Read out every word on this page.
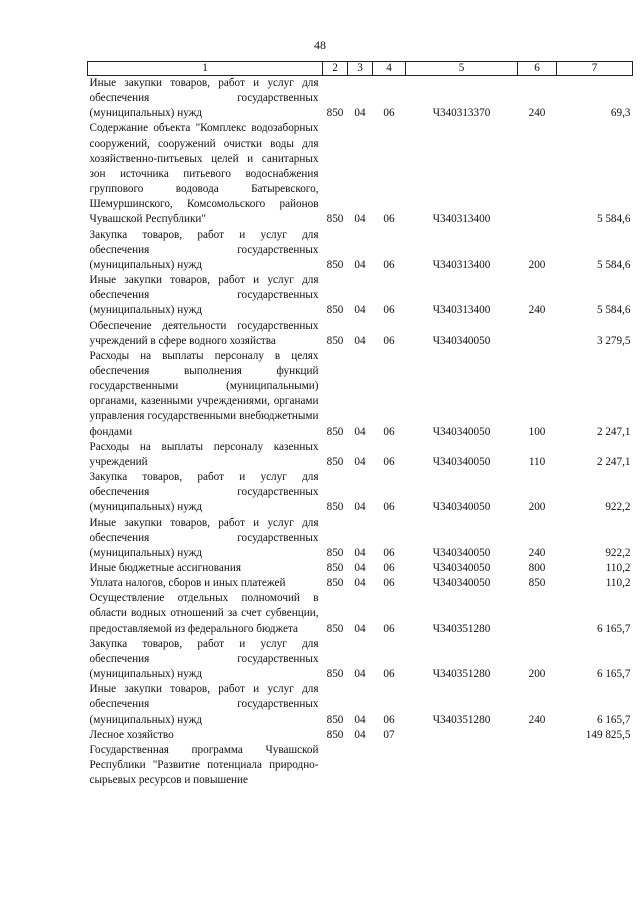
48
1	2	3	4	5	6	7
Иные закупки товаров, работ и услуг для обеспечения государственных (муниципальных) нужд	850	04	06	Ч340313370	240	69,3
Содержание объекта "Комплекс водозаборных сооружений, сооружений очистки воды для хозяйственно-питьевых целей и санитарных зон источника питьевого водоснабжения группового водовода Батыревского, Шемуршинского, Комсомольского районов Чувашской Республики"	850	04	06	Ч340313400		5 584,6
Закупка товаров, работ и услуг для обеспечения государственных (муниципальных) нужд	850	04	06	Ч340313400	200	5 584,6
Иные закупки товаров, работ и услуг для обеспечения государственных (муниципальных) нужд	850	04	06	Ч340313400	240	5 584,6
Обеспечение деятельности государственных учреждений в сфере водного хозяйства	850	04	06	Ч340340050		3 279,5
Расходы на выплаты персоналу в целях обеспечения выполнения функций государственными (муниципальными) органами, казенными учреждениями, органами управления государственными внебюджетными фондами	850	04	06	Ч340340050	100	2 247,1
Расходы на выплаты персоналу казенных учреждений	850	04	06	Ч340340050	110	2 247,1
Закупка товаров, работ и услуг для обеспечения государственных (муниципальных) нужд	850	04	06	Ч340340050	200	922,2
Иные закупки товаров, работ и услуг для обеспечения государственных (муниципальных) нужд	850	04	06	Ч340340050	240	922,2
Иные бюджетные ассигнования	850	04	06	Ч340340050	800	110,2
Уплата налогов, сборов и иных платежей	850	04	06	Ч340340050	850	110,2
Осуществление отдельных полномочий в области водных отношений за счет субвенции, предоставляемой из федерального бюджета	850	04	06	Ч340351280		6 165,7
Закупка товаров, работ и услуг для обеспечения государственных (муниципальных) нужд	850	04	06	Ч340351280	200	6 165,7
Иные закупки товаров, работ и услуг для обеспечения государственных (муниципальных) нужд	850	04	06	Ч340351280	240	6 165,7
Лесное хозяйство	850	04	07			149 825,5
Государственная программа Чувашской Республики "Развитие потенциала природно-сырьевых ресурсов и повышение						
